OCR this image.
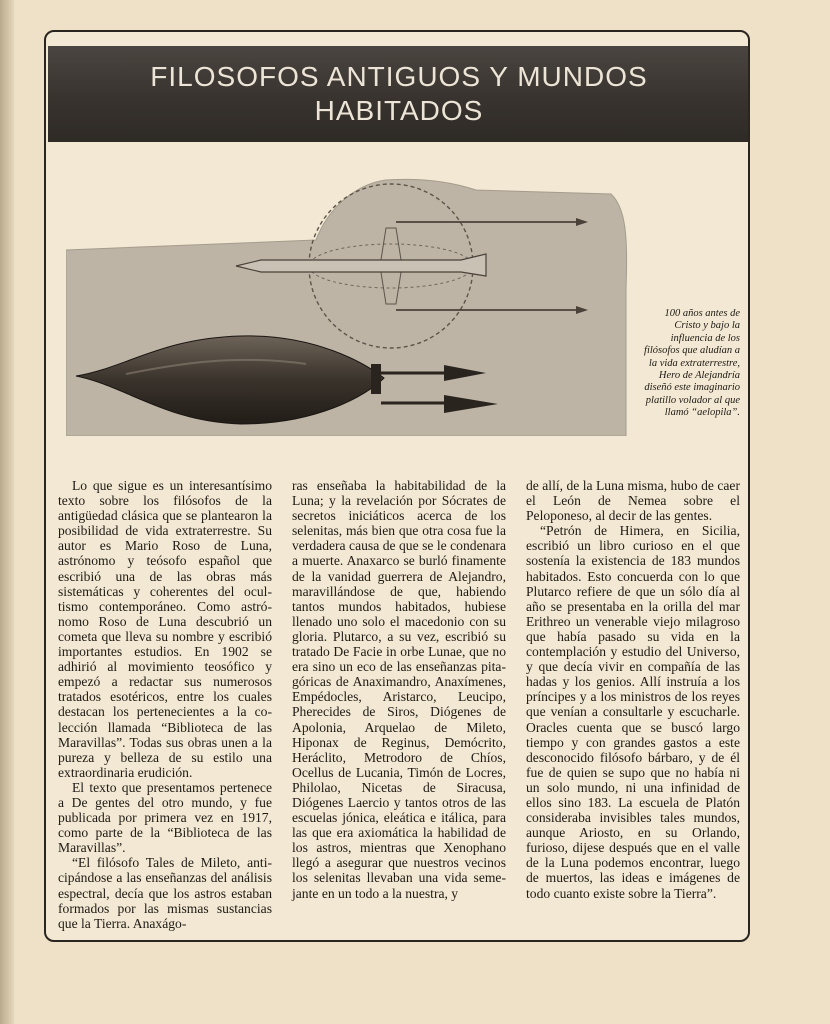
FILOSOFOS ANTIGUOS Y MUNDOS HABITADOS
100 años antes de Cristo y bajo la influencia de los filósofos que aludían a la vida extraterrestre, Hero de Alejandría diseñó este imaginario platillo volador al que llamó “aelopila”.

Lo que sigue es un interesantísimo texto sobre los filósofos de la antigüedad clásica que se plantearon la posibilidad de vida extraterrestre. Su autor es Mario Roso de Luna, astrónomo y teósofo español que escribió una de las obras más sistemáticas y coherentes del ocultismo contemporáneo. Como astrónomo Roso de Luna descubrió un cometa que lleva su nombre y escribió importantes estudios. En 1902 se adhirió al movimiento teosófico y empezó a redactar sus numerosos tratados esotéricos, entre los cuales destacan los pertenecientes a la colección llamada “Biblioteca de las Maravillas”. Todas sus obras unen a la pureza y belleza de su estilo una extraordinaria erudición.

El texto que presentamos pertenece a De gentes del otro mundo, y fue publicada por primera vez en 1917, como parte de la “Biblioteca de las Maravillas”.

“El filósofo Tales de Mileto, anticipándose a las enseñanzas del análisis espectral, decía que los astros estaban formados por las mismas sustancias que la Tierra. Anaxágo-

ras enseñaba la habitabilidad de la Luna; y la revelación por Sócrates de secretos iniciáticos acerca de los selenitas, más bien que otra cosa fue la verdadera causa de que se le condenara a muerte. Anaxarco se burló finamente de la vanidad guerrera de Alejandro, maravillándose de que, habiendo tantos mundos habitados, hubiese llenado uno solo el macedonio con su gloria. Plutarco, a su vez, escribió su tratado De Facie in orbe Lunae, que no era sino un eco de las enseñanzas pitagóricas de Anaximandro, Anaxímenes, Empédocles, Aristarco, Leucipo, Pherecides de Siros, Diógenes de Apolonia, Arquelao de Mileto, Hiponax de Reginus, Demócrito, Heráclito, Metrodoro de Chíos, Ocellus de Lucania, Timón de Locres, Philolao, Nicetas de Siracusa, Diógenes Laercio y tantos otros de las escuelas jónica, eleática e itálica, para las que era axiomática la habilidad de los astros, mientras que Xenophano llegó a asegurar que nuestros vecinos los selenitas llevaban una vida semejante en un todo a la nuestra, y

de allí, de la Luna misma, hubo de caer el León de Nemea sobre el Peloponeso, al decir de las gentes.

“Petrón de Himera, en Sicilia, escribió un libro curioso en el que sostenía la existencia de 183 mundos habitados. Esto concuerda con lo que Plutarco refiere de que un sólo día al año se presentaba en la orilla del mar Erithreo un venerable viejo milagroso que había pasado su vida en la contemplación y estudio del Universo, y que decía vivir en compañía de las hadas y los genios. Allí instruía a los príncipes y a los ministros de los reyes que venían a consultarle y escucharle. Oracles cuenta que se buscó largo tiempo y con grandes gastos a este desconocido filósofo bárbaro, y de él fue de quien se supo que no había ni un solo mundo, ni una infinidad de ellos sino 183. La escuela de Platón consideraba invisibles tales mundos, aunque Ariosto, en su Orlando, furioso, dijese después que en el valle de la Luna podemos encontrar, luego de muertos, las ideas e imágenes de todo cuanto existe sobre la Tierra”.
